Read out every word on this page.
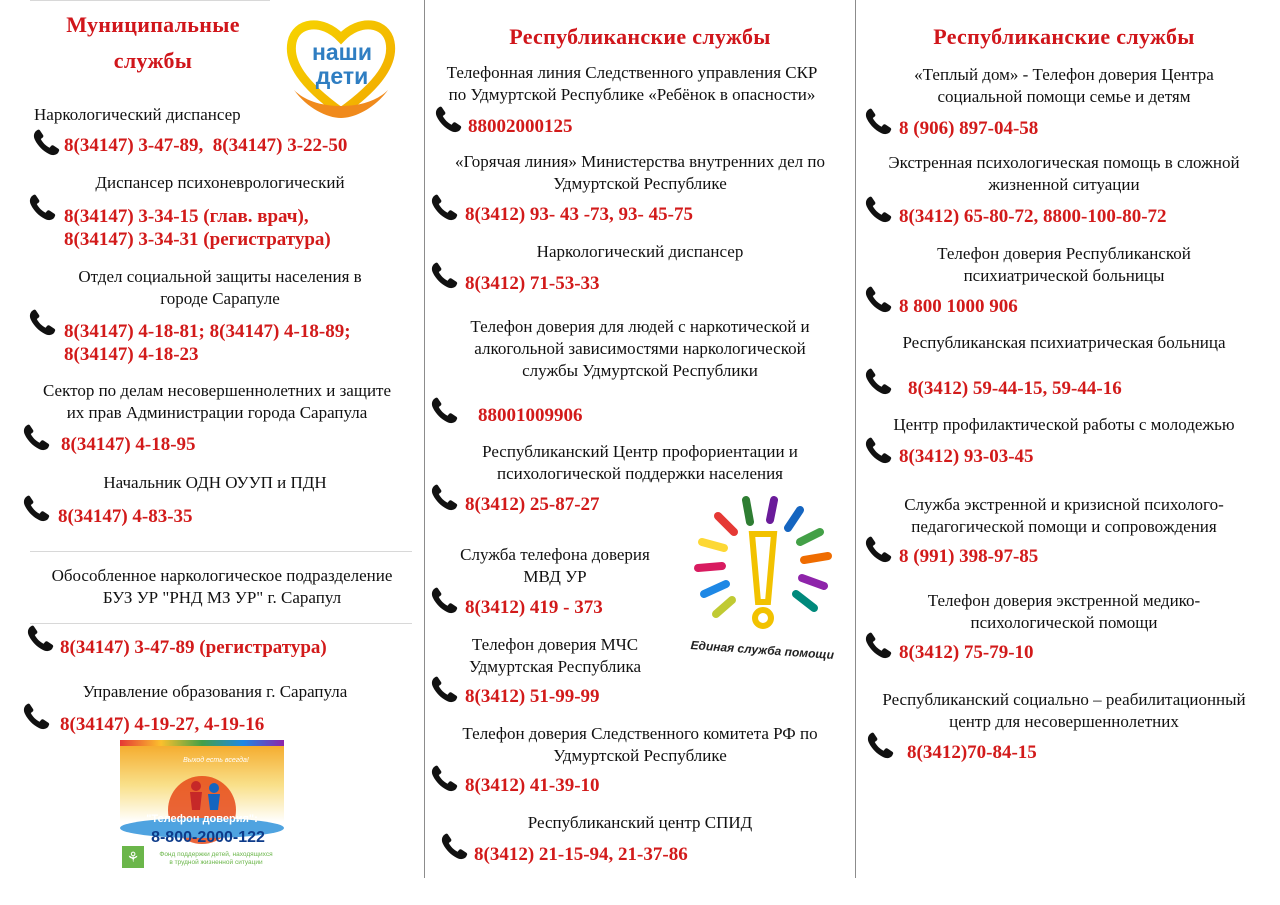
Муниципальные
службы	наши
дети
Наркологический диспансер
8(34147) 3-47-89,  8(34147) 3-22-50
Диспансер психоневрологический
8(34147) 3-34-15 (глав. врач),
8(34147) 3-34-31 (регистратура)
Отдел социальной защиты населения в
городе Сарапуле
8(34147) 4-18-81; 8(34147) 4-18-89;
8(34147) 4-18-23
Сектор по делам несовершеннолетних и защите
их прав Администрации города Сарапула
8(34147) 4-18-95
Начальник ОДН ОУУП и ПДН
8(34147) 4-83-35
Обособленное наркологическое подразделение
БУЗ УР "РНД МЗ УР" г. Сарапул
8(34147) 3-47-89 (регистратура)
Управление образования г. Сарапула
8(34147) 4-19-27, 4-19-16
Выход есть всегда!
"Телефон доверия":
8-800-2000-122
⚘	Фонд поддержки детей, находящихся в трудной жизненной ситуации
Республиканские службы
Телефонная линия Следственного управления СКР
по Удмуртской Республике «Ребёнок в опасности»
88002000125
«Горячая линия» Министерства внутренних дел по
Удмуртской Республике
8(3412) 93- 43 -73, 93- 45-75
Наркологический диспансер
8(3412) 71-53-33
Телефон доверия для людей с наркотической и
алкогольной зависимостями наркологической
службы Удмуртской Республики
88001009906
Республиканский Центр профориентации и
психологической поддержки населения
8(3412) 25-87-27
Служба телефона доверия
МВД УР
8(3412) 419 - 373
Телефон доверия МЧС
Удмуртская Республика
8(3412) 51-99-99
Телефон доверия Следственного комитета РФ по
Удмуртской Республике
8(3412) 41-39-10
Республиканский центр СПИД
8(3412) 21-15-94, 21-37-86
Единая служба помощи
Республиканские службы
«Теплый дом» - Телефон доверия Центра
социальной помощи семье и детям
8 (906) 897-04-58
Экстренная психологическая помощь в сложной
жизненной ситуации
8(3412) 65-80-72, 8800-100-80-72
Телефон доверия Республиканской
психиатрической больницы
8 800 1000 906
Республиканская психиатрическая больница
8(3412) 59-44-15, 59-44-16
Центр профилактической работы с молодежью
8(3412) 93-03-45
Служба экстренной и кризисной психолого-
педагогической помощи и сопровождения
8 (991) 398-97-85
Телефон доверия экстренной медико-
психологической помощи
8(3412) 75-79-10
Республиканский социально – реабилитационный
центр для несовершеннолетних
8(3412)70-84-15
